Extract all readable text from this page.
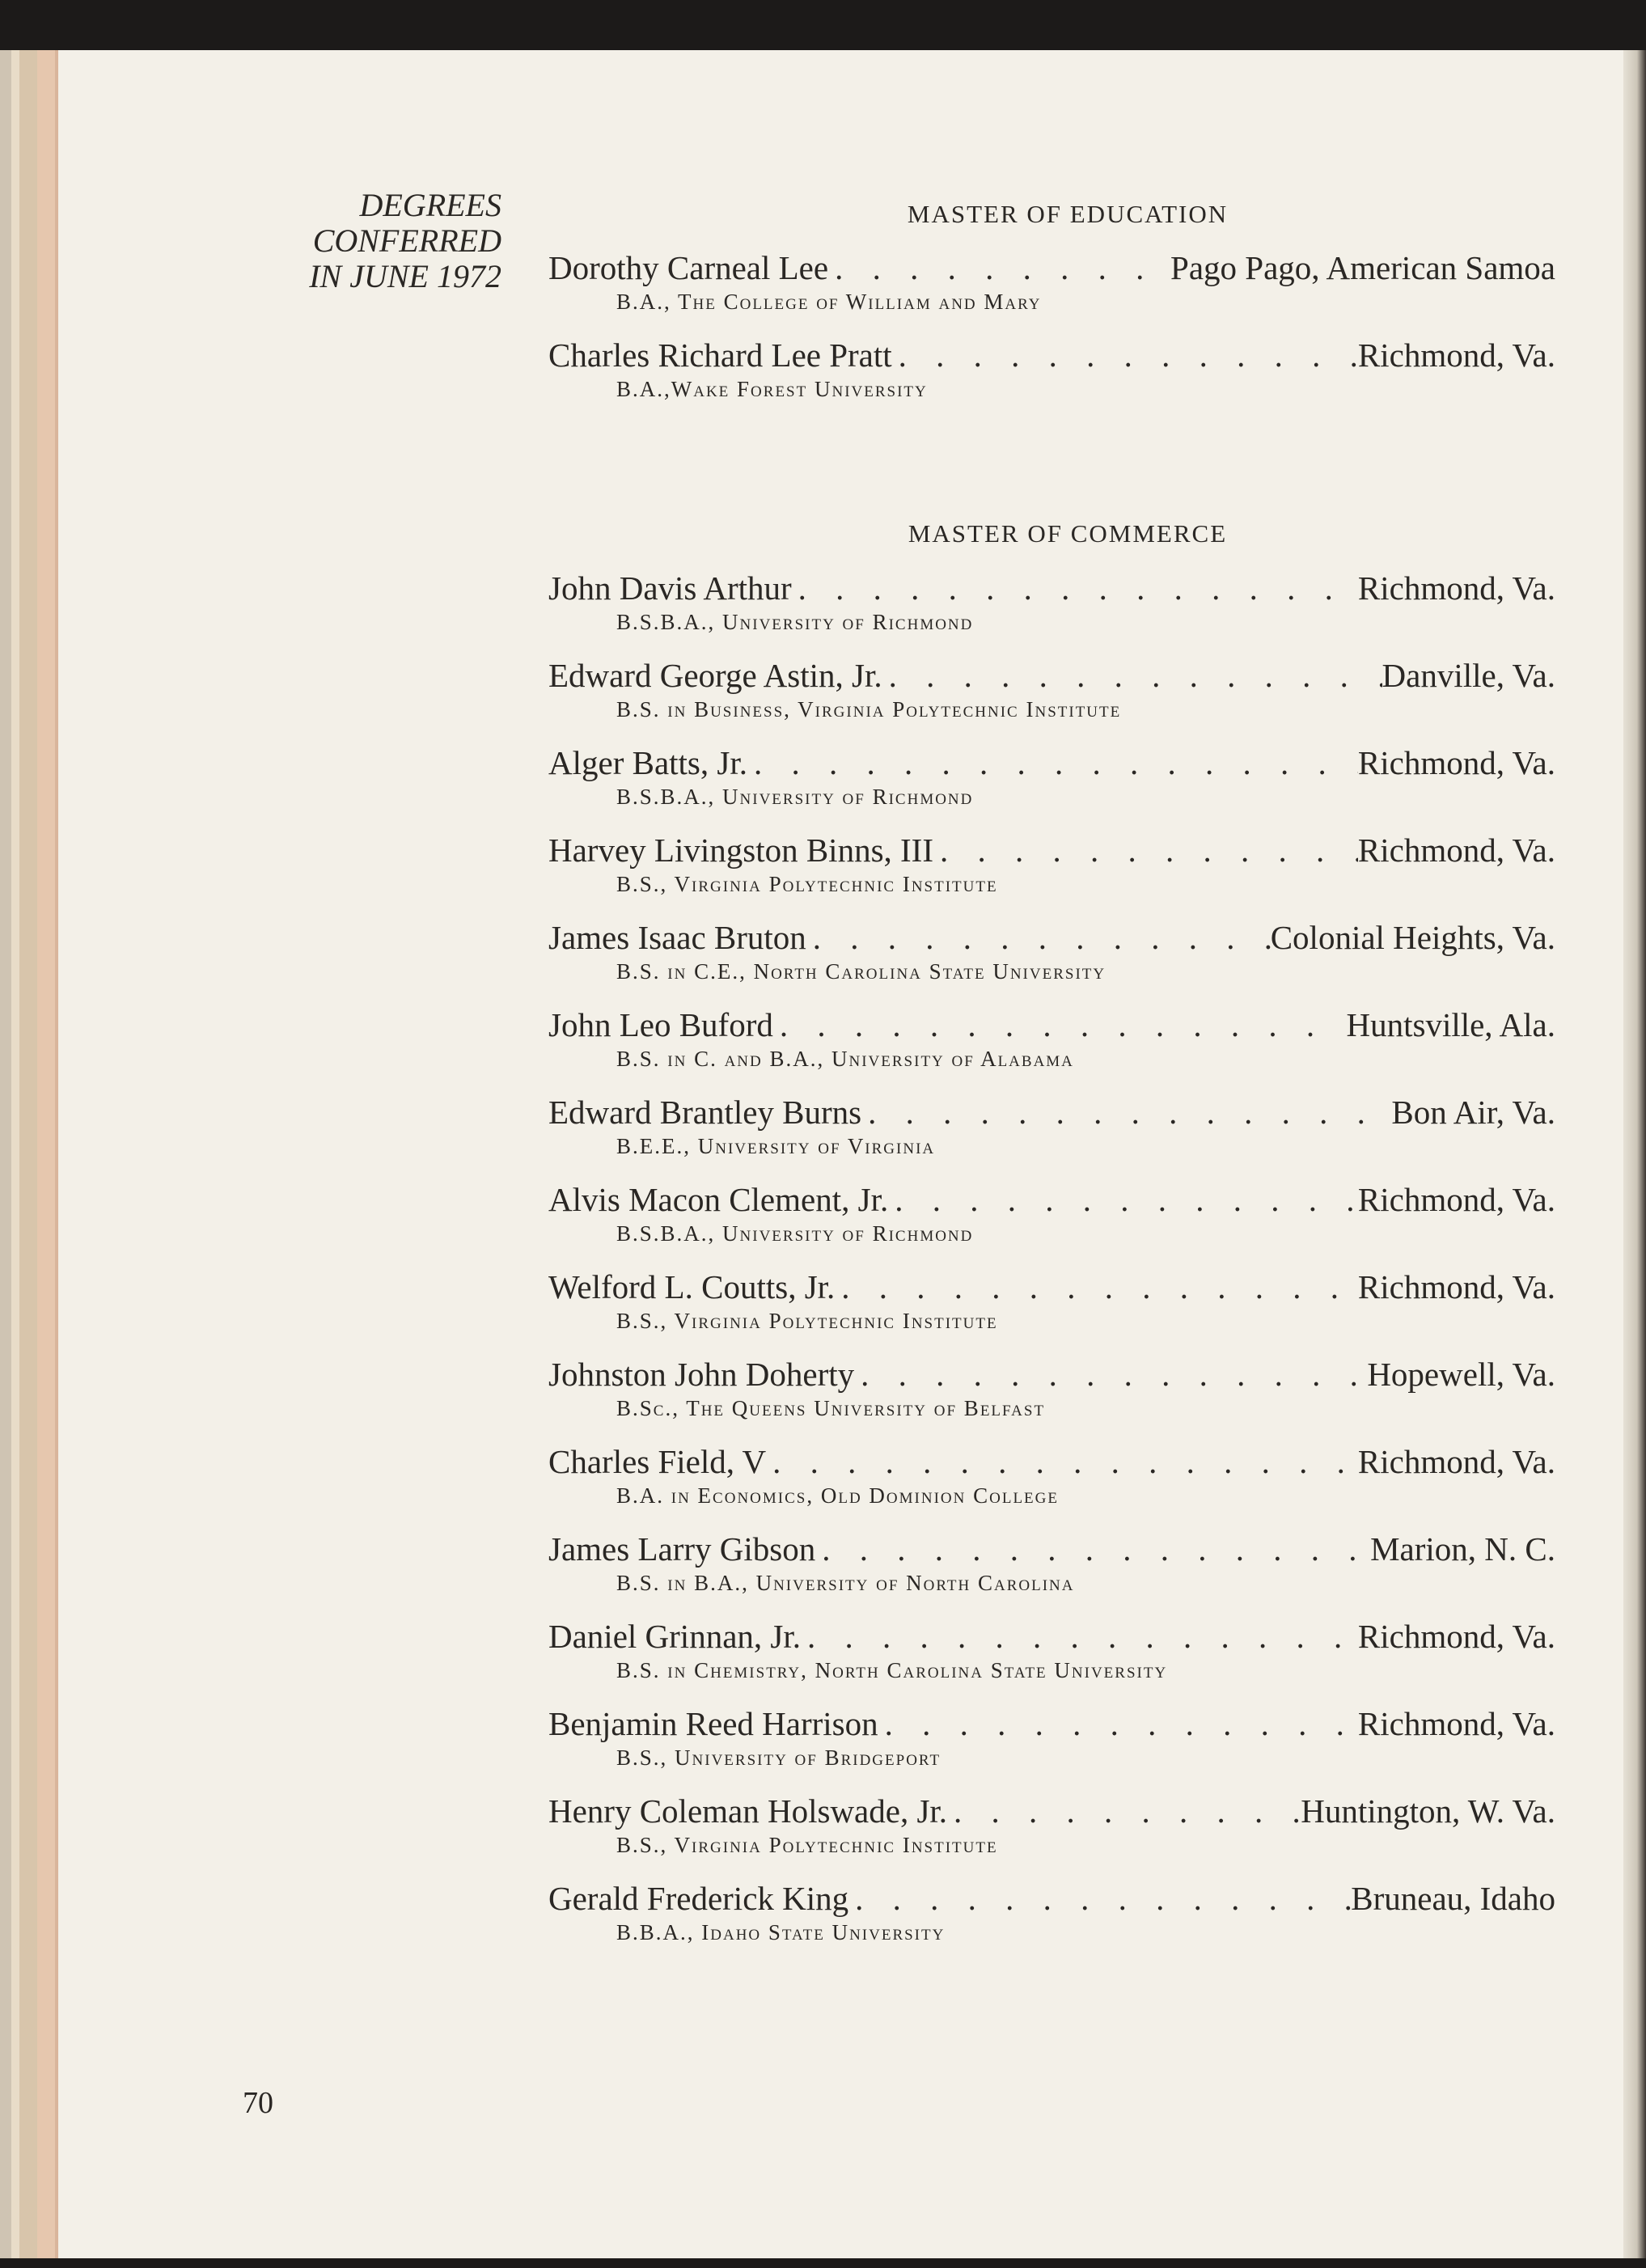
DEGREES
CONFERRED
IN JUNE 1972
MASTER OF EDUCATION
Dorothy Carneal Lee . . .	Pago Pago, American Samoa
B.A., The College of William and Mary
Charles Richard Lee Pratt . . .	Richmond, Va.
B.A.,Wake Forest University
MASTER OF COMMERCE
John Davis Arthur . . .	Richmond, Va.
B.S.B.A., University of Richmond
Edward George Astin, Jr. . . .	Danville, Va.
B.S. in Business, Virginia Polytechnic Institute
Alger Batts, Jr. . . .	Richmond, Va.
B.S.B.A., University of Richmond
Harvey Livingston Binns, III . . .	Richmond, Va.
B.S., Virginia Polytechnic Institute
James Isaac Bruton . . .	Colonial Heights, Va.
B.S. in C.E., North Carolina State University
John Leo Buford . . .	Huntsville, Ala.
B.S. in C. and B.A., University of Alabama
Edward Brantley Burns . . .	Bon Air, Va.
B.E.E., University of Virginia
Alvis Macon Clement, Jr. . . .	Richmond, Va.
B.S.B.A., University of Richmond
Welford L. Coutts, Jr. . . .	Richmond, Va.
B.S., Virginia Polytechnic Institute
Johnston John Doherty . . .	Hopewell, Va.
B.Sc., The Queens University of Belfast
Charles Field, V . . .	Richmond, Va.
B.A. in Economics, Old Dominion College
James Larry Gibson . . .	Marion, N. C.
B.S. in B.A., University of North Carolina
Daniel Grinnan, Jr. . . .	Richmond, Va.
B.S. in Chemistry, North Carolina State University
Benjamin Reed Harrison . . .	Richmond, Va.
B.S., University of Bridgeport
Henry Coleman Holswade, Jr. . . .	Huntington, W. Va.
B.S., Virginia Polytechnic Institute
Gerald Frederick King . . .	Bruneau, Idaho
B.B.A., Idaho State University
70
